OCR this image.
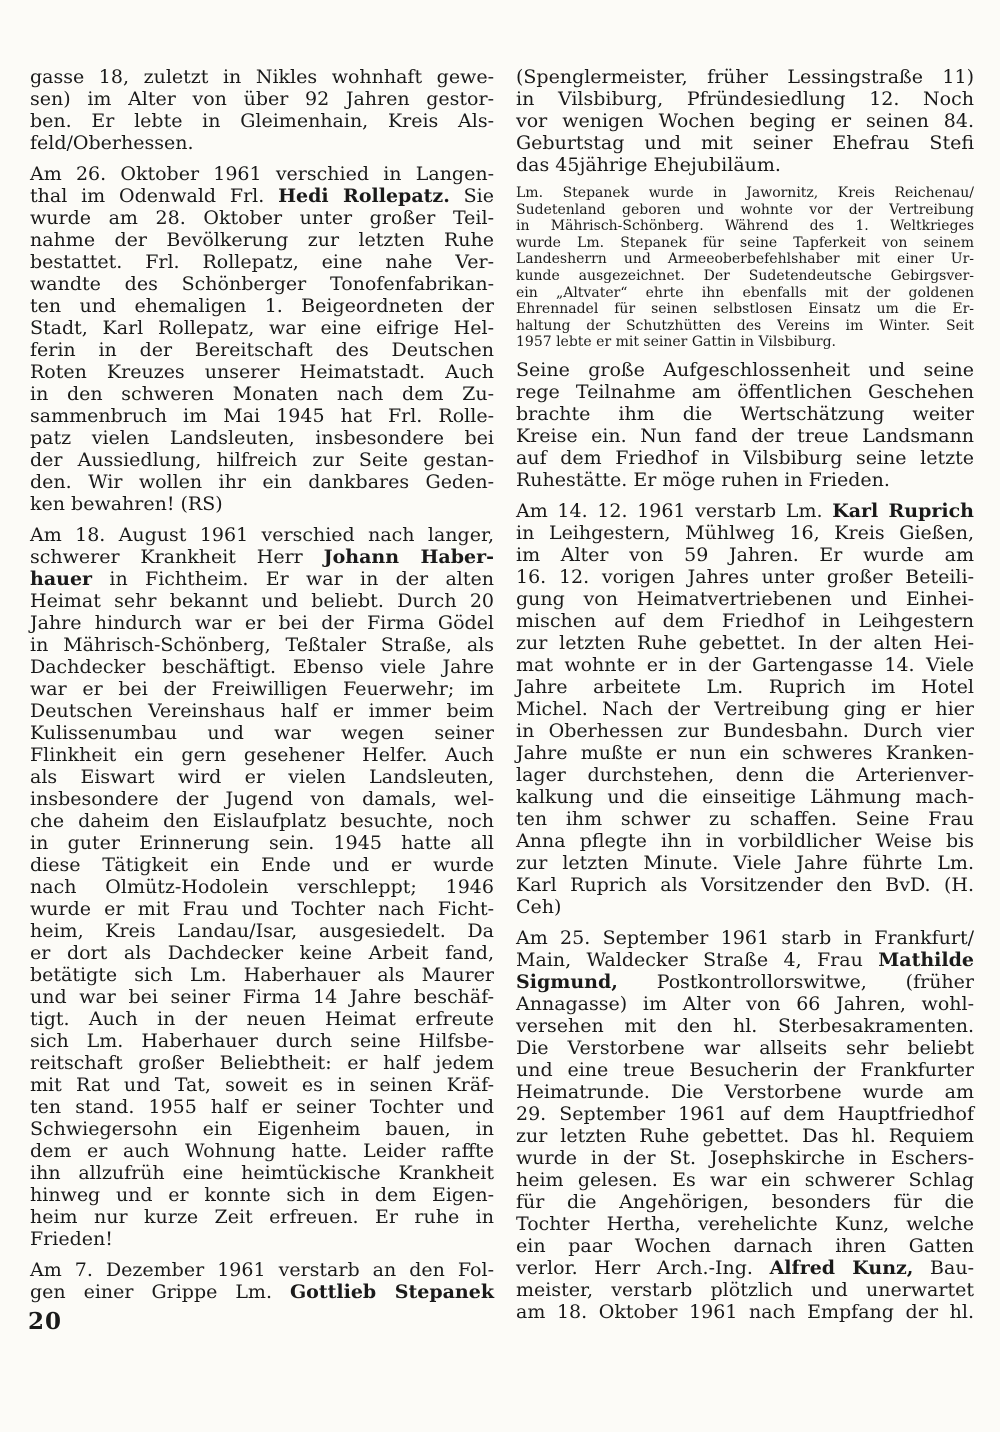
gasse 18, zuletzt in Nikles wohnhaft gewe-
sen) im Alter von über 92 Jahren gestor-
ben. Er lebte in Gleimenhain, Kreis Als-
feld/Oberhessen.
Am 26. Oktober 1961 verschied in Langen-
thal im Odenwald Frl. Hedi Rollepatz. Sie
wurde am 28. Oktober unter großer Teil-
nahme der Bevölkerung zur letzten Ruhe
bestattet. Frl. Rollepatz, eine nahe Ver-
wandte des Schönberger Tonofenfabrikan-
ten und ehemaligen 1. Beigeordneten der
Stadt, Karl Rollepatz, war eine eifrige Hel-
ferin in der Bereitschaft des Deutschen
Roten Kreuzes unserer Heimatstadt. Auch
in den schweren Monaten nach dem Zu-
sammenbruch im Mai 1945 hat Frl. Rolle-
patz vielen Landsleuten, insbesondere bei
der Aussiedlung, hilfreich zur Seite gestan-
den. Wir wollen ihr ein dankbares Geden-
ken bewahren! (RS)
Am 18. August 1961 verschied nach langer,
schwerer Krankheit Herr Johann Haber-
hauer in Fichtheim. Er war in der alten
Heimat sehr bekannt und beliebt. Durch 20
Jahre hindurch war er bei der Firma Gödel
in Mährisch-Schönberg, Teßtaler Straße, als
Dachdecker beschäftigt. Ebenso viele Jahre
war er bei der Freiwilligen Feuerwehr; im
Deutschen Vereinshaus half er immer beim
Kulissenumbau und war wegen seiner
Flinkheit ein gern gesehener Helfer. Auch
als Eiswart wird er vielen Landsleuten,
insbesondere der Jugend von damals, wel-
che daheim den Eislaufplatz besuchte, noch
in guter Erinnerung sein. 1945 hatte all
diese Tätigkeit ein Ende und er wurde
nach Olmütz-Hodolein verschleppt; 1946
wurde er mit Frau und Tochter nach Ficht-
heim, Kreis Landau/Isar, ausgesiedelt. Da
er dort als Dachdecker keine Arbeit fand,
betätigte sich Lm. Haberhauer als Maurer
und war bei seiner Firma 14 Jahre beschäf-
tigt. Auch in der neuen Heimat erfreute
sich Lm. Haberhauer durch seine Hilfsbe-
reitschaft großer Beliebtheit: er half jedem
mit Rat und Tat, soweit es in seinen Kräf-
ten stand. 1955 half er seiner Tochter und
Schwiegersohn ein Eigenheim bauen, in
dem er auch Wohnung hatte. Leider raffte
ihn allzufrüh eine heimtückische Krankheit
hinweg und er konnte sich in dem Eigen-
heim nur kurze Zeit erfreuen. Er ruhe in
Frieden!
Am 7. Dezember 1961 verstarb an den Fol-
gen einer Grippe Lm. Gottlieb Stepanek
(Spenglermeister, früher Lessingstraße 11)
in Vilsbiburg, Pfründesiedlung 12. Noch
vor wenigen Wochen beging er seinen 84.
Geburtstag und mit seiner Ehefrau Stefi
das 45jährige Ehejubiläum.
Lm. Stepanek wurde in Jawornitz, Kreis Reichenau/
Sudetenland geboren und wohnte vor der Vertreibung
in Mährisch-Schönberg. Während des 1. Weltkrieges
wurde Lm. Stepanek für seine Tapferkeit von seinem
Landesherrn und Armeeoberbefehlshaber mit einer Ur-
kunde ausgezeichnet. Der Sudetendeutsche Gebirgsver-
ein „Altvater“ ehrte ihn ebenfalls mit der goldenen
Ehrennadel für seinen selbstlosen Einsatz um die Er-
haltung der Schutzhütten des Vereins im Winter. Seit
1957 lebte er mit seiner Gattin in Vilsbiburg.
Seine große Aufgeschlossenheit und seine
rege Teilnahme am öffentlichen Geschehen
brachte ihm die Wertschätzung weiter
Kreise ein. Nun fand der treue Landsmann
auf dem Friedhof in Vilsbiburg seine letzte
Ruhestätte. Er möge ruhen in Frieden.
Am 14. 12. 1961 verstarb Lm. Karl Ruprich
in Leihgestern, Mühlweg 16, Kreis Gießen,
im Alter von 59 Jahren. Er wurde am
16. 12. vorigen Jahres unter großer Beteili-
gung von Heimatvertriebenen und Einhei-
mischen auf dem Friedhof in Leihgestern
zur letzten Ruhe gebettet. In der alten Hei-
mat wohnte er in der Gartengasse 14. Viele
Jahre arbeitete Lm. Ruprich im Hotel
Michel. Nach der Vertreibung ging er hier
in Oberhessen zur Bundesbahn. Durch vier
Jahre mußte er nun ein schweres Kranken-
lager durchstehen, denn die Arterienver-
kalkung und die einseitige Lähmung mach-
ten ihm schwer zu schaffen. Seine Frau
Anna pflegte ihn in vorbildlicher Weise bis
zur letzten Minute. Viele Jahre führte Lm.
Karl Ruprich als Vorsitzender den BvD. (H.
Ceh)
Am 25. September 1961 starb in Frankfurt/
Main, Waldecker Straße 4, Frau Mathilde
Sigmund, Postkontrollorswitwe, (früher
Annagasse) im Alter von 66 Jahren, wohl-
versehen mit den hl. Sterbesakramenten.
Die Verstorbene war allseits sehr beliebt
und eine treue Besucherin der Frankfurter
Heimatrunde. Die Verstorbene wurde am
29. September 1961 auf dem Hauptfriedhof
zur letzten Ruhe gebettet. Das hl. Requiem
wurde in der St. Josephskirche in Eschers-
heim gelesen. Es war ein schwerer Schlag
für die Angehörigen, besonders für die
Tochter Hertha, verehelichte Kunz, welche
ein paar Wochen darnach ihren Gatten
verlor. Herr Arch.-Ing. Alfred Kunz, Bau-
meister, verstarb plötzlich und unerwartet
am 18. Oktober 1961 nach Empfang der hl.
20
